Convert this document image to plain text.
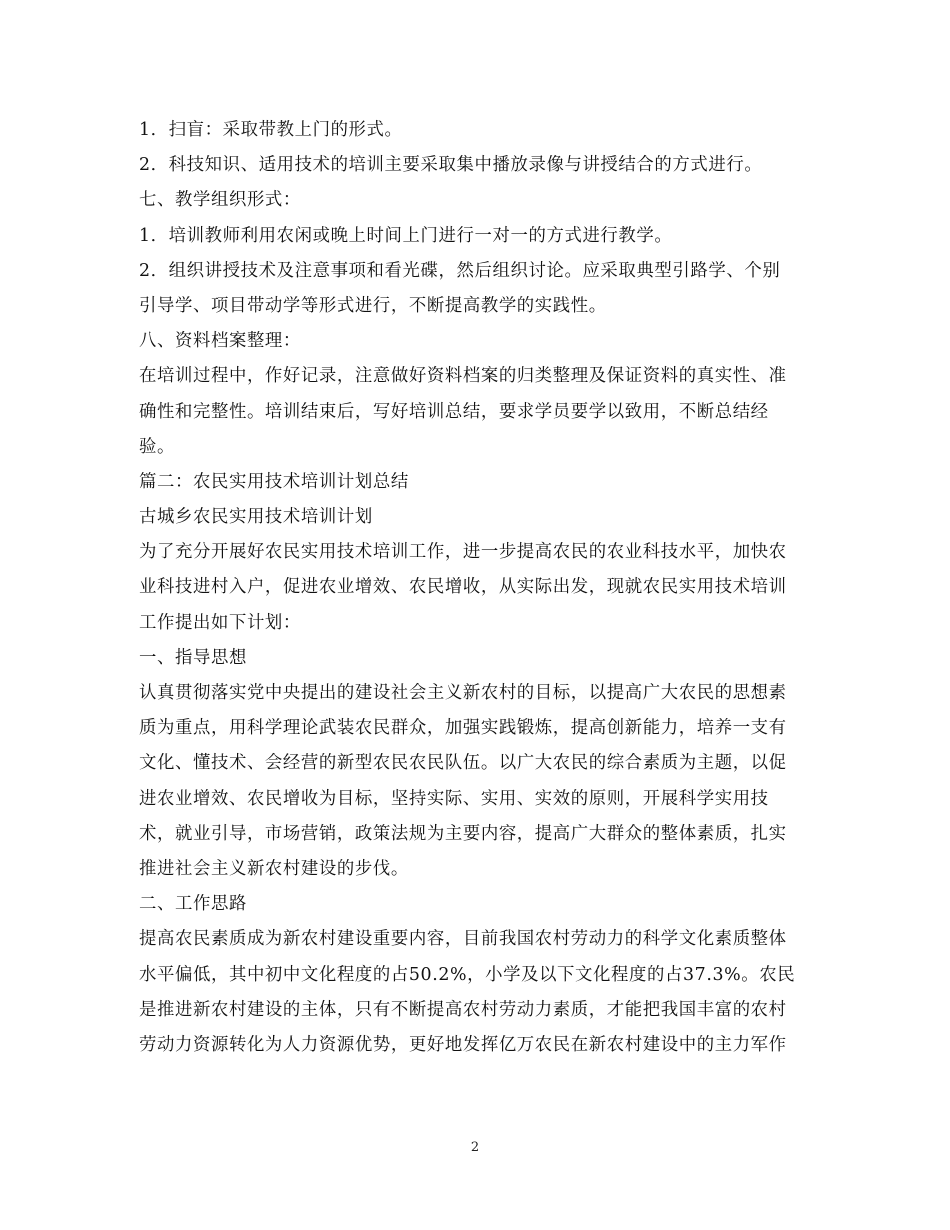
1．扫盲：采取带教上门的形式。
2．科技知识、适用技术的培训主要采取集中播放录像与讲授结合的方式进行。
七、教学组织形式：
1．培训教师利用农闲或晚上时间上门进行一对一的方式进行教学。
2．组织讲授技术及注意事项和看光碟，然后组织讨论。应采取典型引路学、个别
引导学、项目带动学等形式进行，不断提高教学的实践性。
八、资料档案整理：
在培训过程中，作好记录，注意做好资料档案的归类整理及保证资料的真实性、准
确性和完整性。培训结束后，写好培训总结，要求学员要学以致用，不断总结经
验。
篇二：农民实用技术培训计划总结
古城乡农民实用技术培训计划
为了充分开展好农民实用技术培训工作，进一步提高农民的农业科技水平，加快农
业科技进村入户，促进农业增效、农民增收，从实际出发，现就农民实用技术培训
工作提出如下计划：
一、指导思想
认真贯彻落实党中央提出的建设社会主义新农村的目标，以提高广大农民的思想素
质为重点，用科学理论武装农民群众，加强实践锻炼，提高创新能力，培养一支有
文化、懂技术、会经营的新型农民农民队伍。以广大农民的综合素质为主题，以促
进农业增效、农民增收为目标，坚持实际、实用、实效的原则，开展科学实用技
术，就业引导，市场营销，政策法规为主要内容，提高广大群众的整体素质，扎实
推进社会主义新农村建设的步伐。
二、工作思路
提高农民素质成为新农村建设重要内容，目前我国农村劳动力的科学文化素质整体
水平偏低，其中初中文化程度的占50.2%，小学及以下文化程度的占37.3%。农民
是推进新农村建设的主体，只有不断提高农村劳动力素质，才能把我国丰富的农村
劳动力资源转化为人力资源优势，更好地发挥亿万农民在新农村建设中的主力军作
2
